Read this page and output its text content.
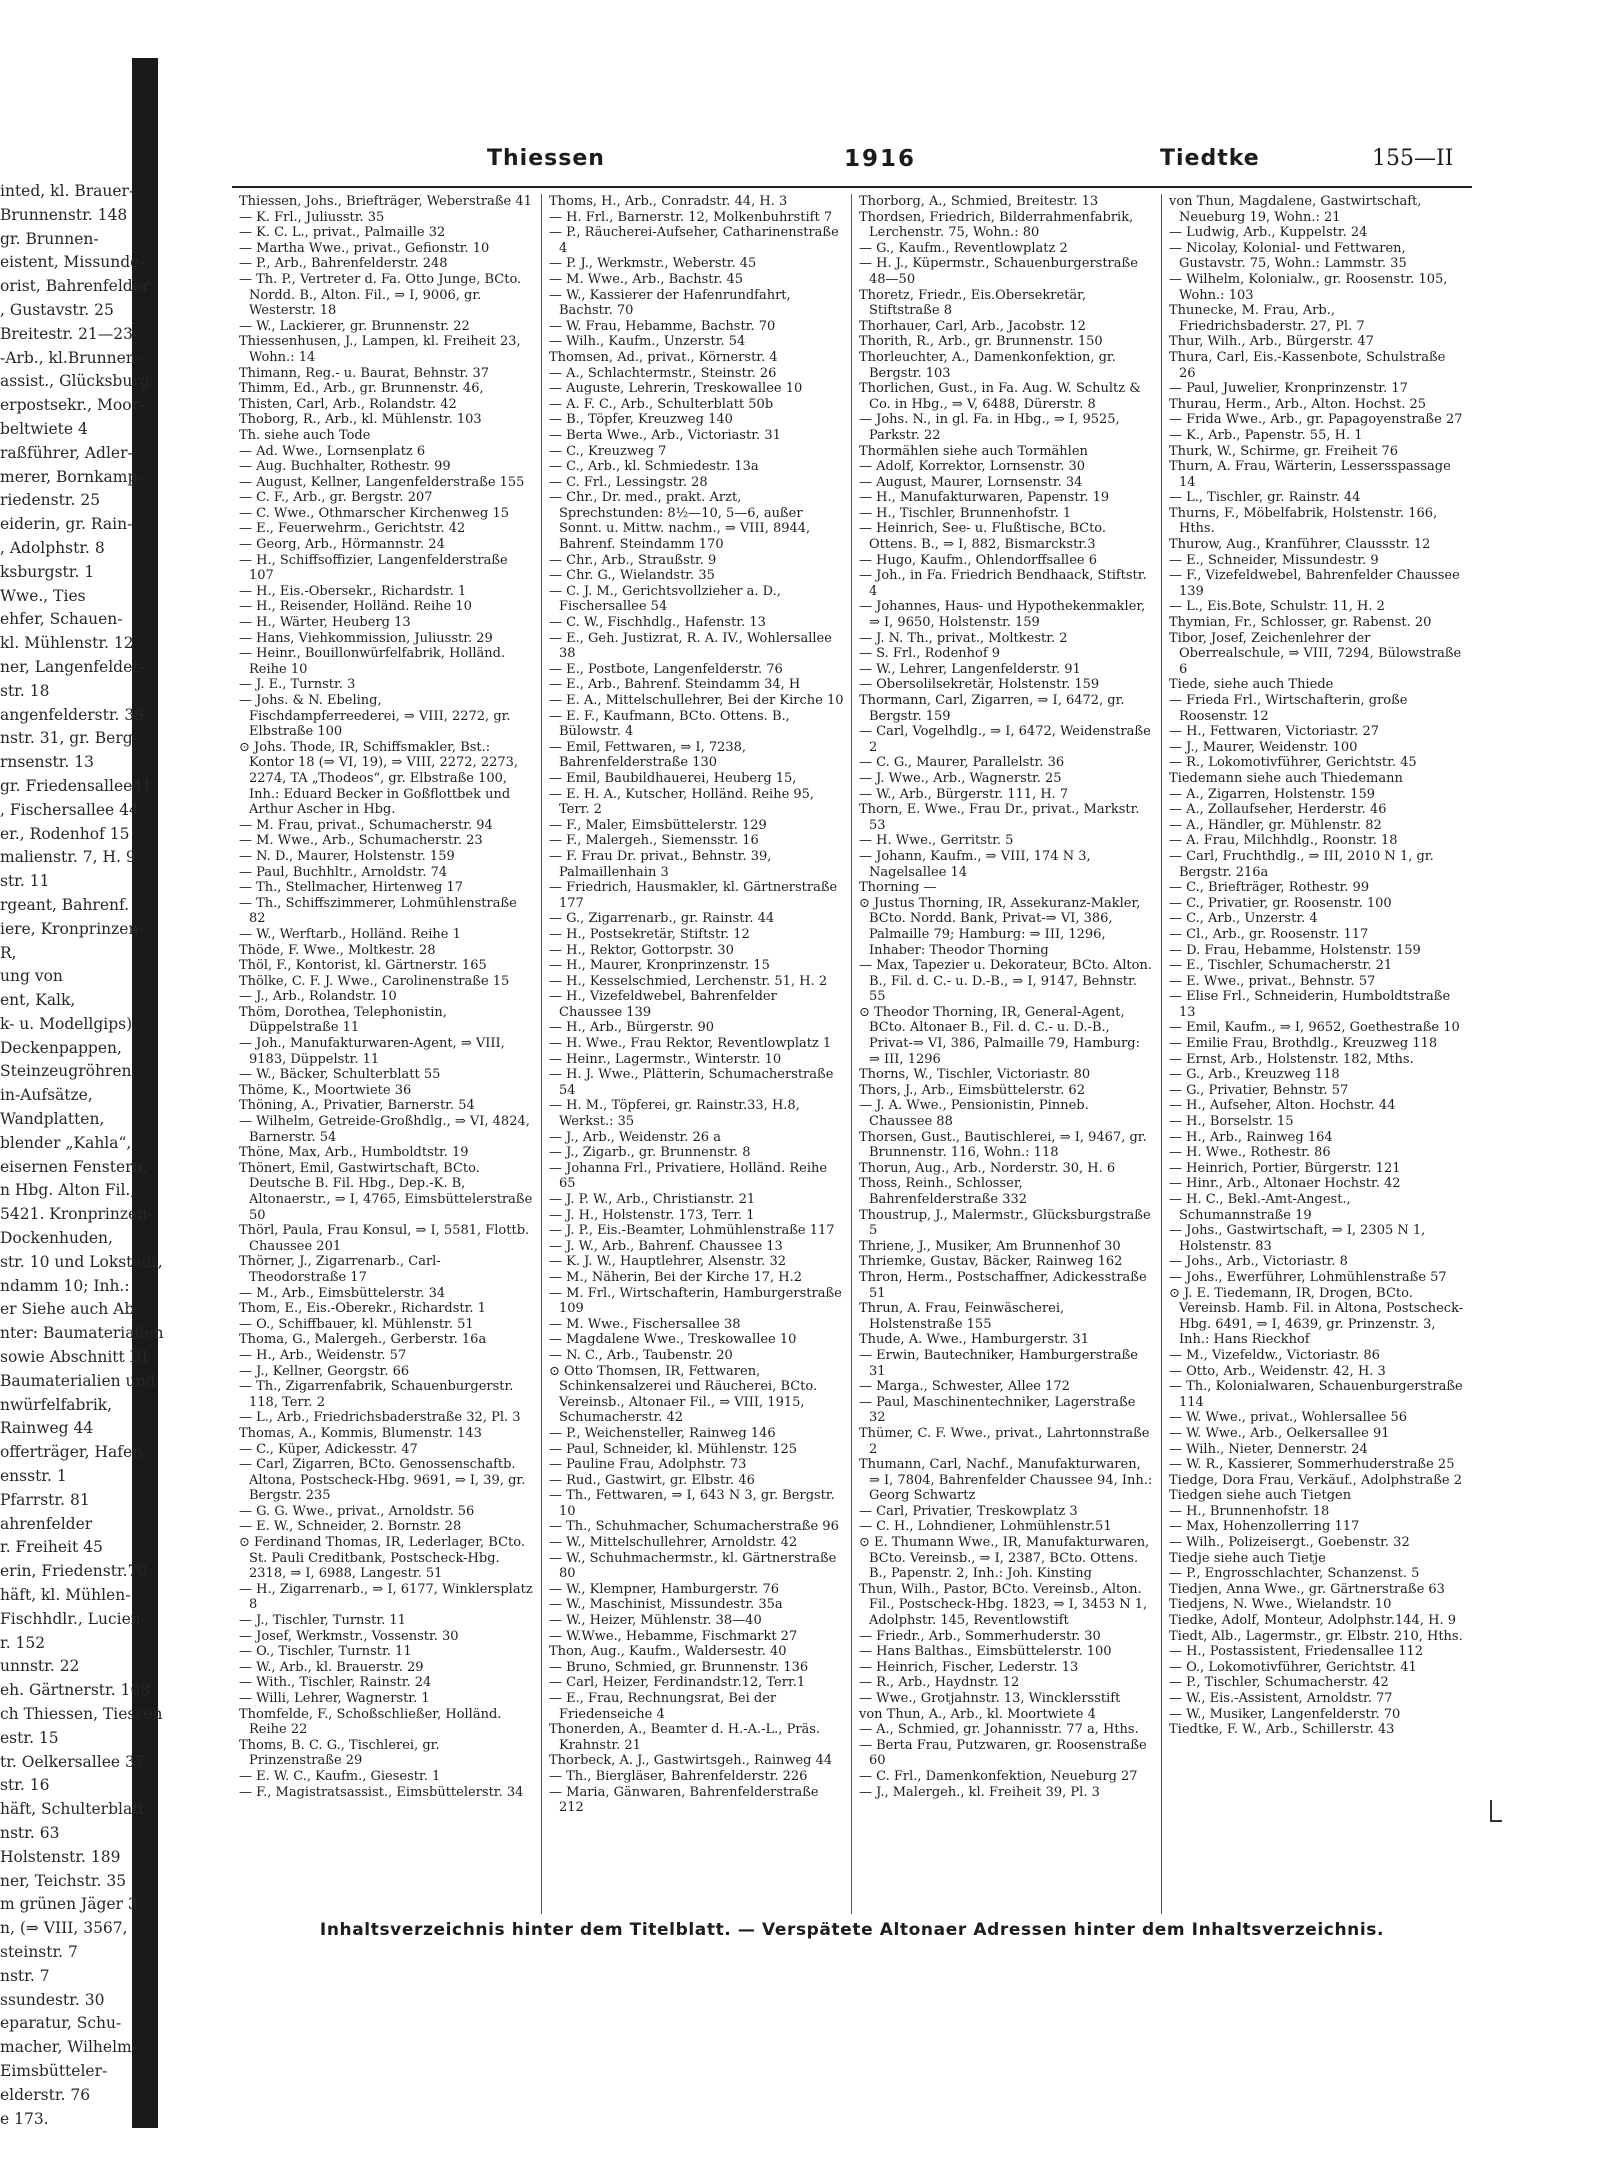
inted, kl. Brauer-
Brunnenstr. 148
gr. Brunnen-
eistent, Missunde-
orist, Bahrenfelder
, Gustavstr. 25
Breitestr. 21—23
-Arb., kl.Brunnen-
assist., Glücksburg-
erpostsekr., Moor-
beltwiete 4
raßführer, Adler-
merer, Bornkamp-
riedenstr. 25
eiderin, gr. Rain-
, Adolphstr. 8
ksburgstr. 1
Wwe., Ties
ehfer, Schauen-
kl. Mühlenstr. 12
ner, Langenfelder-
str. 18
angenfelderstr. 39
nstr. 31, gr. Berg-
rnsenstr. 13
gr. Friedensallee41
, Fischersallee 44
er., Rodenhof 15
malienstr. 7, H. 9
str. 11
rgeant, Bahrenf.
iere, Kronprinzen-
R,
ung von
ent, Kalk,
k- u. Modellgips),
Deckenpappen,
Steinzeugröhren,
in-Aufsätze,
Wandplatten,
blender „Kahla“,
eisernen Fenstern,
n Hbg. Alton Fil.,
5421. Kronprinzen-
Dockenhuden,
str. 10 und Lokstedt,
ndamm 10; Inh.:
er Siehe auch Ab-
nter: Baumaterialien
sowie Abschnitt III
Baumaterialien und
nwürfelfabrik,
Rainweg 44
offerträger, Hafen-
ensstr. 1
Pfarrstr. 81
ahrenfelder
r. Freiheit 45
erin, Friedenstr.70
häft, kl. Mühlen-
Fischhdlr., Lucien-
r. 152
unnstr. 22
eh. Gärtnerstr. 108
ch Thiessen, Tiessen
estr. 15
tr. Oelkersallee 37
str. 16
häft, Schulterblatt
nstr. 63
Holstenstr. 189
ner, Teichstr. 35
m grünen Jäger 3
n, (⇒ VIII, 3567,
steinstr. 7
nstr. 7
ssundestr. 30
eparatur, Schu-
macher, Wilhelm-
Eimsbütteler-
elderstr. 76
e 173.
Thiessen	1916	Tiedtke	155—II
Thiessen, Johs., Briefträger, Weberstraße 41
— K. Frl., Juliusstr. 35
— K. C. L., privat., Palmaille 32
— Martha Wwe., privat., Gefionstr. 10
— P., Arb., Bahrenfelderstr. 248
— Th. P., Vertreter d. Fa. Otto Junge, BCto. Nordd. B., Alton. Fil., ⇒ I, 9006, gr. Westerstr. 18
— W., Lackierer, gr. Brunnenstr. 22
Thiessenhusen, J., Lampen, kl. Freiheit 23, Wohn.: 14
Thimann, Reg.- u. Baurat, Behnstr. 37
Thimm, Ed., Arb., gr. Brunnenstr. 46,
Thisten, Carl, Arb., Rolandstr. 42
Thoborg, R., Arb., kl. Mühlenstr. 103
Th. siehe auch Tode
— Ad. Wwe., Lornsenplatz 6
— Aug. Buchhalter, Rothestr. 99
— August, Kellner, Langenfelderstraße 155
— C. F., Arb., gr. Bergstr. 207
— C. Wwe., Othmarscher Kirchenweg 15
— E., Feuerwehrm., Gerichtstr. 42
— Georg, Arb., Hörmannstr. 24
— H., Schiffsoffizier, Langenfelderstraße 107
— H., Eis.-Obersekr., Richardstr. 1
— H., Reisender, Holländ. Reihe 10
— H., Wärter, Heuberg 13
— Hans, Viehkommission, Juliusstr. 29
— Heinr., Bouillonwürfelfabrik, Holländ. Reihe 10
— J. E., Turnstr. 3
— Johs. & N. Ebeling, Fischdampferreederei, ⇒ VIII, 2272, gr. Elbstraße 100
⊙ Johs. Thode, IR, Schiffsmakler, Bst.: Kontor 18 (⇒ VI, 19), ⇒ VIII, 2272, 2273, 2274, TA „Thodeos“, gr. Elbstraße 100, Inh.: Eduard Becker in Goßflottbek und Arthur Ascher in Hbg.
— M. Frau, privat., Schumacherstr. 94
— M. Wwe., Arb., Schumacherstr. 23
— N. D., Maurer, Holstenstr. 159
— Paul, Buchhltr., Arnoldstr. 74
— Th., Stellmacher, Hirtenweg 17
— Th., Schiffszimmerer, Lohmühlenstraße 82
— W., Werftarb., Holländ. Reihe 1
Thöde, F. Wwe., Moltkestr. 28
Thöl, F., Kontorist, kl. Gärtnerstr. 165
Thölke, C. F. J. Wwe., Carolinenstraße 15
— J., Arb., Rolandstr. 10
Thöm, Dorothea, Telephonistin, Düppelstraße 11
— Joh., Manufakturwaren-Agent, ⇒ VIII, 9183, Düppelstr. 11
— W., Bäcker, Schulterblatt 55
Thöme, K., Moortwiete 36
Thöning, A., Privatier, Barnerstr. 54
— Wilhelm, Getreide-Großhdlg., ⇒ VI, 4824, Barnerstr. 54
Thöne, Max, Arb., Humboldtstr. 19
Thönert, Emil, Gastwirtschaft, BCto. Deutsche B. Fil. Hbg., Dep.-K. B, Altonaerstr., ⇒ I, 4765, Eimsbüttelerstraße 50
Thörl, Paula, Frau Konsul, ⇒ I, 5581, Flottb. Chaussee 201
Thörner, J., Zigarrenarb., Carl-Theodorstraße 17
— M., Arb., Eimsbüttelerstr. 34
Thom, E., Eis.-Oberekr., Richardstr. 1
— O., Schiffbauer, kl. Mühlenstr. 51
Thoma, G., Malergeh., Gerberstr. 16a
— H., Arb., Weidenstr. 57
— J., Kellner, Georgstr. 66
— Th., Zigarrenfabrik, Schauenburgerstr. 118, Terr. 2
— L., Arb., Friedrichsbaderstraße 32, Pl. 3
Thomas, A., Kommis, Blumenstr. 143
— C., Küper, Adickesstr. 47
— Carl, Zigarren, BCto. Genossenschaftb. Altona, Postscheck-Hbg. 9691, ⇒ I, 39, gr. Bergstr. 235
— G. G. Wwe., privat., Arnoldstr. 56
— E. W., Schneider, 2. Bornstr. 28
⊙ Ferdinand Thomas, IR, Lederlager, BCto. St. Pauli Creditbank, Postscheck-Hbg. 2318, ⇒ I, 6988, Langestr. 51
— H., Zigarrenarb., ⇒ I, 6177, Winklersplatz 8
— J., Tischler, Turnstr. 11
— Josef, Werkmstr., Vossenstr. 30
— O., Tischler, Turnstr. 11
— W., Arb., kl. Brauerstr. 29
— With., Tischler, Rainstr. 24
— Willi, Lehrer, Wagnerstr. 1
Thomfelde, F., Schoßschließer, Holländ. Reihe 22
Thoms, B. C. G., Tischlerei, gr. Prinzenstraße 29
— E. W. C., Kaufm., Giesestr. 1
— F., Magistratsassist., Eimsbüttelerstr. 34
Thoms, H., Arb., Conradstr. 44, H. 3
— H. Frl., Barnerstr. 12, Molkenbuhrstift 7
— P., Räucherei-Aufseher, Catharinenstraße 4
— P. J., Werkmstr., Weberstr. 45
— M. Wwe., Arb., Bachstr. 45
— W., Kassierer der Hafenrundfahrt, Bachstr. 70
— W. Frau, Hebamme, Bachstr. 70
— Wilh., Kaufm., Unzerstr. 54
Thomsen, Ad., privat., Körnerstr. 4
— A., Schlachtermstr., Steinstr. 26
— Auguste, Lehrerin, Treskowallee 10
— A. F. C., Arb., Schulterblatt 50b
— B., Töpfer, Kreuzweg 140
— Berta Wwe., Arb., Victoriastr. 31
— C., Kreuzweg 7
— C., Arb., kl. Schmiedestr. 13a
— C. Frl., Lessingstr. 28
— Chr., Dr. med., prakt. Arzt, Sprechstunden: 8½—10, 5—6, außer Sonnt. u. Mittw. nachm., ⇒ VIII, 8944, Bahrenf. Steindamm 170
— Chr., Arb., Straußstr. 9
— Chr. G., Wielandstr. 35
— C. J. M., Gerichtsvollzieher a. D., Fischersallee 54
— C. W., Fischhdlg., Hafenstr. 13
— E., Geh. Justizrat, R. A. IV., Wohlersallee 38
— E., Postbote, Langenfelderstr. 76
— E., Arb., Bahrenf. Steindamm 34, H
— E. A., Mittelschullehrer, Bei der Kirche 10
— E. F., Kaufmann, BCto. Ottens. B., Bülowstr. 4
— Emil, Fettwaren, ⇒ I, 7238, Bahrenfelderstraße 130
— Emil, Baubildhauerei, Heuberg 15,
— E. H. A., Kutscher, Holländ. Reihe 95, Terr. 2
— F., Maler, Eimsbüttelerstr. 129
— F., Malergeh., Siemensstr. 16
— F. Frau Dr. privat., Behnstr. 39, Palmaillenhain 3
— Friedrich, Hausmakler, kl. Gärtnerstraße 177
— G., Zigarrenarb., gr. Rainstr. 44
— H., Postsekretär, Stiftstr. 12
— H., Rektor, Gottorpstr. 30
— H., Maurer, Kronprinzenstr. 15
— H., Kesselschmied, Lerchenstr. 51, H. 2
— H., Vizefeldwebel, Bahrenfelder Chaussee 139
— H., Arb., Bürgerstr. 90
— H. Wwe., Frau Rektor, Reventlowplatz 1
— Heinr., Lagermstr., Winterstr. 10
— H. J. Wwe., Plätterin, Schumacherstraße 54
— H. M., Töpferei, gr. Rainstr.33, H.8, Werkst.: 35
— J., Arb., Weidenstr. 26 a
— J., Zigarb., gr. Brunnenstr. 8
— Johanna Frl., Privatiere, Holländ. Reihe 65
— J. P. W., Arb., Christianstr. 21
— J. H., Holstenstr. 173, Terr. 1
— J. P., Eis.-Beamter, Lohmühlenstraße 117
— J. W., Arb., Bahrenf. Chaussee 13
— K. J. W., Hauptlehrer, Alsenstr. 32
— M., Näherin, Bei der Kirche 17, H.2
— M. Frl., Wirtschafterin, Hamburgerstraße 109
— M. Wwe., Fischersallee 38
— Magdalene Wwe., Treskowallee 10
— N. C., Arb., Taubenstr. 20
⊙ Otto Thomsen, IR, Fettwaren, Schinkensalzerei und Räucherei, BCto. Vereinsb., Altonaer Fil., ⇒ VIII, 1915, Schumacherstr. 42
— P., Weichensteller, Rainweg 146
— Paul, Schneider, kl. Mühlenstr. 125
— Pauline Frau, Adolphstr. 73
— Rud., Gastwirt, gr. Elbstr. 46
— Th., Fettwaren, ⇒ I, 643 N 3, gr. Bergstr. 10
— Th., Schuhmacher, Schumacherstraße 96
— W., Mittelschullehrer, Arnoldstr. 42
— W., Schuhmachermstr., kl. Gärtnerstraße 80
— W., Klempner, Hamburgerstr. 76
— W., Maschinist, Missundestr. 35a
— W., Heizer, Mühlenstr. 38—40
— W.Wwe., Hebamme, Fischmarkt 27
Thon, Aug., Kaufm., Waldersestr. 40
— Bruno, Schmied, gr. Brunnenstr. 136
— Carl, Heizer, Ferdinandstr.12, Terr.1
— E., Frau, Rechnungsrat, Bei der Friedenseiche 4
Thonerden, A., Beamter d. H.-A.-L., Präs. Krahnstr. 21
Thorbeck, A. J., Gastwirtsgeh., Rainweg 44
— Th., Biergläser, Bahrenfelderstr. 226
— Maria, Gänwaren, Bahrenfelderstraße 212
Thorborg, A., Schmied, Breitestr. 13
Thordsen, Friedrich, Bilderrahmenfabrik, Lerchenstr. 75, Wohn.: 80
— G., Kaufm., Reventlowplatz 2
— H. J., Küpermstr., Schauenburgerstraße 48—50
Thoretz, Friedr., Eis.Obersekretär, Stiftstraße 8
Thorhauer, Carl, Arb., Jacobstr. 12
Thorith, R., Arb., gr. Brunnenstr. 150
Thorleuchter, A., Damenkonfektion, gr. Bergstr. 103
Thorlichen, Gust., in Fa. Aug. W. Schultz & Co. in Hbg., ⇒ V, 6488, Dürerstr. 8
— Johs. N., in gl. Fa. in Hbg., ⇒ I, 9525, Parkstr. 22
Thormählen siehe auch Tormählen
— Adolf, Korrektor, Lornsenstr. 30
— August, Maurer, Lornsenstr. 34
— H., Manufakturwaren, Papenstr. 19
— H., Tischler, Brunnenhofstr. 1
— Heinrich, See- u. Flußtische, BCto. Ottens. B., ⇒ I, 882, Bismarckstr.3
— Hugo, Kaufm., Ohlendorffsallee 6
— Joh., in Fa. Friedrich Bendhaack, Stiftstr. 4
— Johannes, Haus- und Hypothekenmakler, ⇒ I, 9650, Holstenstr. 159
— J. N. Th., privat., Moltkestr. 2
— S. Frl., Rodenhof 9
— W., Lehrer, Langenfelderstr. 91
— Obersolilsekretär, Holstenstr. 159
Thormann, Carl, Zigarren, ⇒ I, 6472, gr. Bergstr. 159
— Carl, Vogelhdlg., ⇒ I, 6472, Weidenstraße 2
— C. G., Maurer, Parallelstr. 36
— J. Wwe., Arb., Wagnerstr. 25
— W., Arb., Bürgerstr. 111, H. 7
Thorn, E. Wwe., Frau Dr., privat., Markstr. 53
— H. Wwe., Gerritstr. 5
— Johann, Kaufm., ⇒ VIII, 174 N 3, Nagelsallee 14
Thorning —
⊙ Justus Thorning, IR, Assekuranz-Makler, BCto. Nordd. Bank, Privat-⇒ VI, 386, Palmaille 79; Hamburg: ⇒ III, 1296, Inhaber: Theodor Thorning
— Max, Tapezier u. Dekorateur, BCto. Alton. B., Fil. d. C.- u. D.-B., ⇒ I, 9147, Behnstr. 55
⊙ Theodor Thorning, IR, General-Agent, BCto. Altonaer B., Fil. d. C.- u. D.-B., Privat-⇒ VI, 386, Palmaille 79, Hamburg: ⇒ III, 1296
Thorns, W., Tischler, Victoriastr. 80
Thors, J., Arb., Eimsbüttelerstr. 62
— J. A. Wwe., Pensionistin, Pinneb. Chaussee 88
Thorsen, Gust., Bautischlerei, ⇒ I, 9467, gr. Brunnenstr. 116, Wohn.: 118
Thorun, Aug., Arb., Norderstr. 30, H. 6
Thoss, Reinh., Schlosser, Bahrenfelderstraße 332
Thoustrup, J., Malermstr., Glücksburgstraße 5
Thriene, J., Musiker, Am Brunnenhof 30
Thriemke, Gustav, Bäcker, Rainweg 162
Thron, Herm., Postschaffner, Adickesstraße 51
Thrun, A. Frau, Feinwäscherei, Holstenstraße 155
Thude, A. Wwe., Hamburgerstr. 31
— Erwin, Bautechniker, Hamburgerstraße 31
— Marga., Schwester, Allee 172
— Paul, Maschinentechniker, Lagerstraße 32
Thümer, C. F. Wwe., privat., Lahrtonnstraße 2
Thumann, Carl, Nachf., Manufakturwaren, ⇒ I, 7804, Bahrenfelder Chaussee 94, Inh.: Georg Schwartz
— Carl, Privatier, Treskowplatz 3
— C. H., Lohndiener, Lohmühlenstr.51
⊙ E. Thumann Wwe., IR, Manufakturwaren, BCto. Vereinsb., ⇒ I, 2387, BCto. Ottens. B., Papenstr. 2, Inh.: Joh. Kinsting
Thun, Wilh., Pastor, BCto. Vereinsb., Alton. Fil., Postscheck-Hbg. 1823, ⇒ I, 3453 N 1, Adolphstr. 145, Reventlowstift
— Friedr., Arb., Sommerhuderstr. 30
— Hans Balthas., Eimsbüttelerstr. 100
— Heinrich, Fischer, Lederstr. 13
— R., Arb., Haydnstr. 12
— Wwe., Grotjahnstr. 13, Wincklersstift
von Thun, A., Arb., kl. Moortwiete 4
— A., Schmied, gr. Johannisstr. 77 a, Hths.
— Berta Frau, Putzwaren, gr. Roosenstraße 60
— C. Frl., Damenkonfektion, Neueburg 27
— J., Malergeh., kl. Freiheit 39, Pl. 3
von Thun, Magdalene, Gastwirtschaft, Neueburg 19, Wohn.: 21
— Ludwig, Arb., Kuppelstr. 24
— Nicolay, Kolonial- und Fettwaren, Gustavstr. 75, Wohn.: Lammstr. 35
— Wilhelm, Kolonialw., gr. Roosenstr. 105, Wohn.: 103
Thunecke, M. Frau, Arb., Friedrichsbaderstr. 27, Pl. 7
Thur, Wilh., Arb., Bürgerstr. 47
Thura, Carl, Eis.-Kassenbote, Schulstraße 26
— Paul, Juwelier, Kronprinzenstr. 17
Thurau, Herm., Arb., Alton. Hochst. 25
— Frida Wwe., Arb., gr. Papagoyenstraße 27
— K., Arb., Papenstr. 55, H. 1
Thurk, W., Schirme, gr. Freiheit 76
Thurn, A. Frau, Wärterin, Lessersspassage 14
— L., Tischler, gr. Rainstr. 44
Thurns, F., Möbelfabrik, Holstenstr. 166, Hths.
Thurow, Aug., Kranführer, Claussstr. 12
— E., Schneider, Missundestr. 9
— F., Vizefeldwebel, Bahrenfelder Chaussee 139
— L., Eis.Bote, Schulstr. 11, H. 2
Thymian, Fr., Schlosser, gr. Rabenst. 20
Tibor, Josef, Zeichenlehrer der Oberrealschule, ⇒ VIII, 7294, Bülowstraße 6
Tiede, siehe auch Thiede
— Frieda Frl., Wirtschafterin, große Roosenstr. 12
— H., Fettwaren, Victoriastr. 27
— J., Maurer, Weidenstr. 100
— R., Lokomotivführer, Gerichtstr. 45
Tiedemann siehe auch Thiedemann
— A., Zigarren, Holstenstr. 159
— A., Zollaufseher, Herderstr. 46
— A., Händler, gr. Mühlenstr. 82
— A. Frau, Milchhdlg., Roonstr. 18
— Carl, Fruchthdlg., ⇒ III, 2010 N 1, gr. Bergstr. 216a
— C., Briefträger, Rothestr. 99
— C., Privatier, gr. Roosenstr. 100
— C., Arb., Unzerstr. 4
— Cl., Arb., gr. Roosenstr. 117
— D. Frau, Hebamme, Holstenstr. 159
— E., Tischler, Schumacherstr. 21
— E. Wwe., privat., Behnstr. 57
— Elise Frl., Schneiderin, Humboldtstraße 13
— Emil, Kaufm., ⇒ I, 9652, Goethestraße 10
— Emilie Frau, Brothdlg., Kreuzweg 118
— Ernst, Arb., Holstenstr. 182, Mths.
— G., Arb., Kreuzweg 118
— G., Privatier, Behnstr. 57
— H., Aufseher, Alton. Hochstr. 44
— H., Borselstr. 15
— H., Arb., Rainweg 164
— H. Wwe., Rothestr. 86
— Heinrich, Portier, Bürgerstr. 121
— Hinr., Arb., Altonaer Hochstr. 42
— H. C., Bekl.-Amt-Angest., Schumannstraße 19
— Johs., Gastwirtschaft, ⇒ I, 2305 N 1, Holstenstr. 83
— Johs., Arb., Victoriastr. 8
— Johs., Ewerführer, Lohmühlenstraße 57
⊙ J. E. Tiedemann, IR, Drogen, BCto. Vereinsb. Hamb. Fil. in Altona, Postscheck-Hbg. 6491, ⇒ I, 4639, gr. Prinzenstr. 3, Inh.: Hans Rieckhof
— M., Vizefeldw., Victoriastr. 86
— Otto, Arb., Weidenstr. 42, H. 3
— Th., Kolonialwaren, Schauenburgerstraße 114
— W. Wwe., privat., Wohlersallee 56
— W. Wwe., Arb., Oelkersallee 91
— Wilh., Nieter, Dennerstr. 24
— W. R., Kassierer, Sommerhuderstraße 25
Tiedge, Dora Frau, Verkäuf., Adolphstraße 2
Tiedgen siehe auch Tietgen
— H., Brunnenhofstr. 18
— Max, Hohenzollerring 117
— Wilh., Polizeisergt., Goebenstr. 32
Tiedje siehe auch Tietje
— P., Engrosschlachter, Schanzenst. 5
Tiedjen, Anna Wwe., gr. Gärtnerstraße 63
Tiedjens, N. Wwe., Wielandstr. 10
Tiedke, Adolf, Monteur, Adolphstr.144, H. 9
Tiedt, Alb., Lagermstr., gr. Elbstr. 210, Hths.
— H., Postassistent, Friedensallee 112
— O., Lokomotivführer, Gerichtstr. 41
— P., Tischler, Schumacherstr. 42
— W., Eis.-Assistent, Arnoldstr. 77
— W., Musiker, Langenfelderstr. 70
Tiedtke, F. W., Arb., Schillerstr. 43
Inhaltsverzeichnis hinter dem Titelblatt. — Verspätete Altonaer Adressen hinter dem Inhaltsverzeichnis.
